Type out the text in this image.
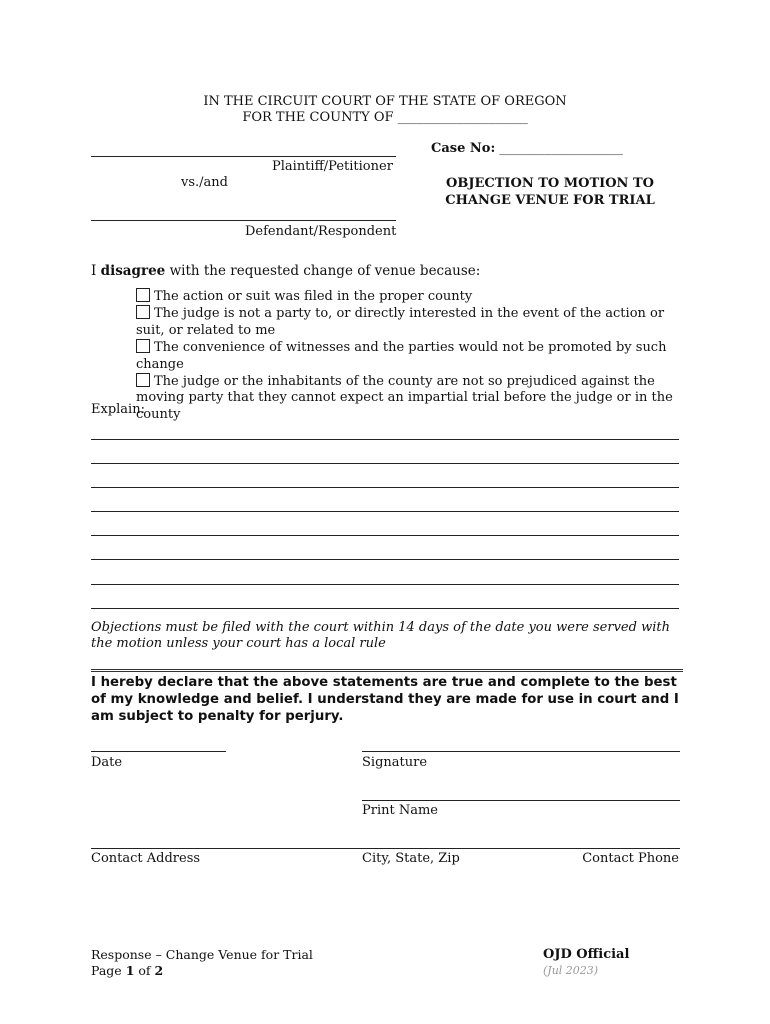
IN THE CIRCUIT COURT OF THE STATE OF OREGON
FOR THE COUNTY OF ____________________
Plaintiff/Petitioner
vs./and
Defendant/Respondent
Case No: ___________________
OBJECTION TO MOTION TO
CHANGE VENUE FOR TRIAL
I disagree with the requested change of venue because:
The action or suit was filed in the proper county
The judge is not a party to, or directly interested in the event of the action or suit, or related to me
The convenience of witnesses and the parties would not be promoted by such change
The judge or the inhabitants of the county are not so prejudiced against the moving party that they cannot expect an impartial trial before the judge or in the county
Explain:
Objections must be filed with the court within 14 days of the date you were served with the motion unless your court has a local rule
I hereby declare that the above statements are true and complete to the best of my knowledge and belief. I understand they are made for use in court and I am subject to penalty for perjury.
Date	Signature
Print Name
Contact Address	City, State, Zip	Contact Phone
Response – Change Venue for Trial
Page 1 of 2
OJD Official
(Jul 2023)
